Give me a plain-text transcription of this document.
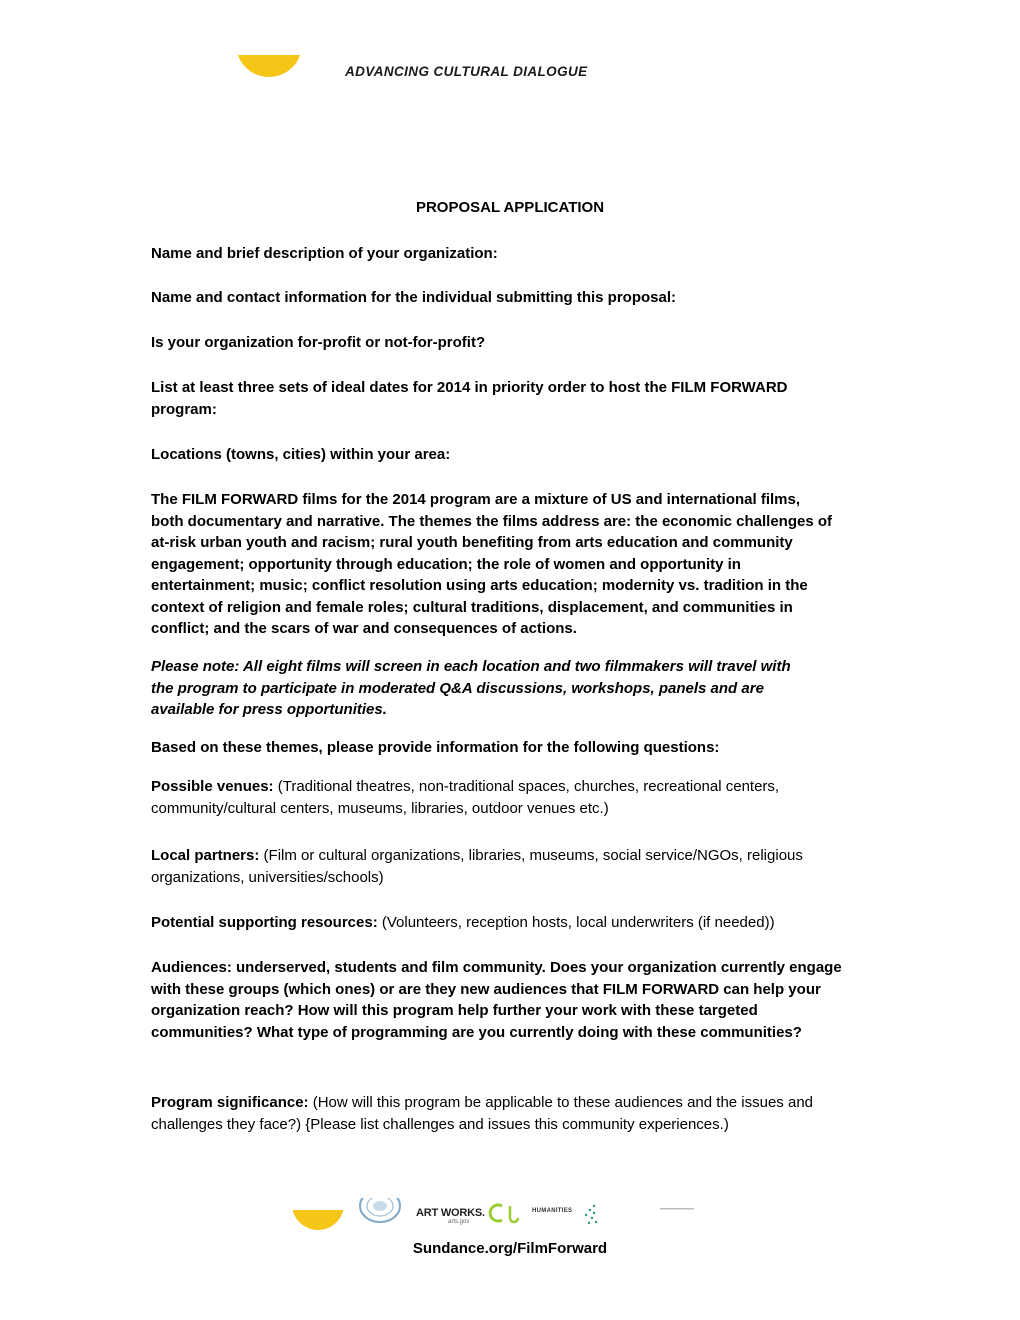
ADVANCING CULTURAL DIALOGUE
PROPOSAL APPLICATION
Name and brief description of your organization:
Name and contact information for the individual submitting this proposal:
Is your organization for-profit or not-for-profit?
List at least three sets of ideal dates for 2014 in priority order to host the FILM FORWARD program:
Locations (towns, cities) within your area:
The FILM FORWARD films for the 2014 program are a mixture of US and international films, both documentary and narrative. The themes the films address are: the economic challenges of at-risk urban youth and racism; rural youth benefiting from arts education and community engagement; opportunity through education; the role of women and opportunity in entertainment; music; conflict resolution using arts education; modernity vs. tradition in the context of religion and female roles; cultural traditions, displacement, and communities in conflict; and the scars of war and consequences of actions.
Please note: All eight films will screen in each location and two filmmakers will travel with the program to participate in moderated Q&A discussions, workshops, panels and are available for press opportunities.
Based on these themes, please provide information for the following questions:
Possible venues: (Traditional theatres, non-traditional spaces, churches, recreational centers, community/cultural centers, museums, libraries, outdoor venues etc.)
Local partners: (Film or cultural organizations, libraries, museums, social service/NGOs, religious organizations, universities/schools)
Potential supporting resources: (Volunteers, reception hosts, local underwriters (if needed))
Audiences: underserved, students and film community. Does your organization currently engage with these groups (which ones) or are they new audiences that FILM FORWARD can help your organization reach? How will this program help further your work with these targeted communities? What type of programming are you currently doing with these communities?
Program significance: (How will this program be applicable to these audiences and the issues and challenges they face?) {Please list challenges and issues this community experiences.)
ART WORKS.
arts.gov
HUMANITIES
Sundance.org/FilmForward
